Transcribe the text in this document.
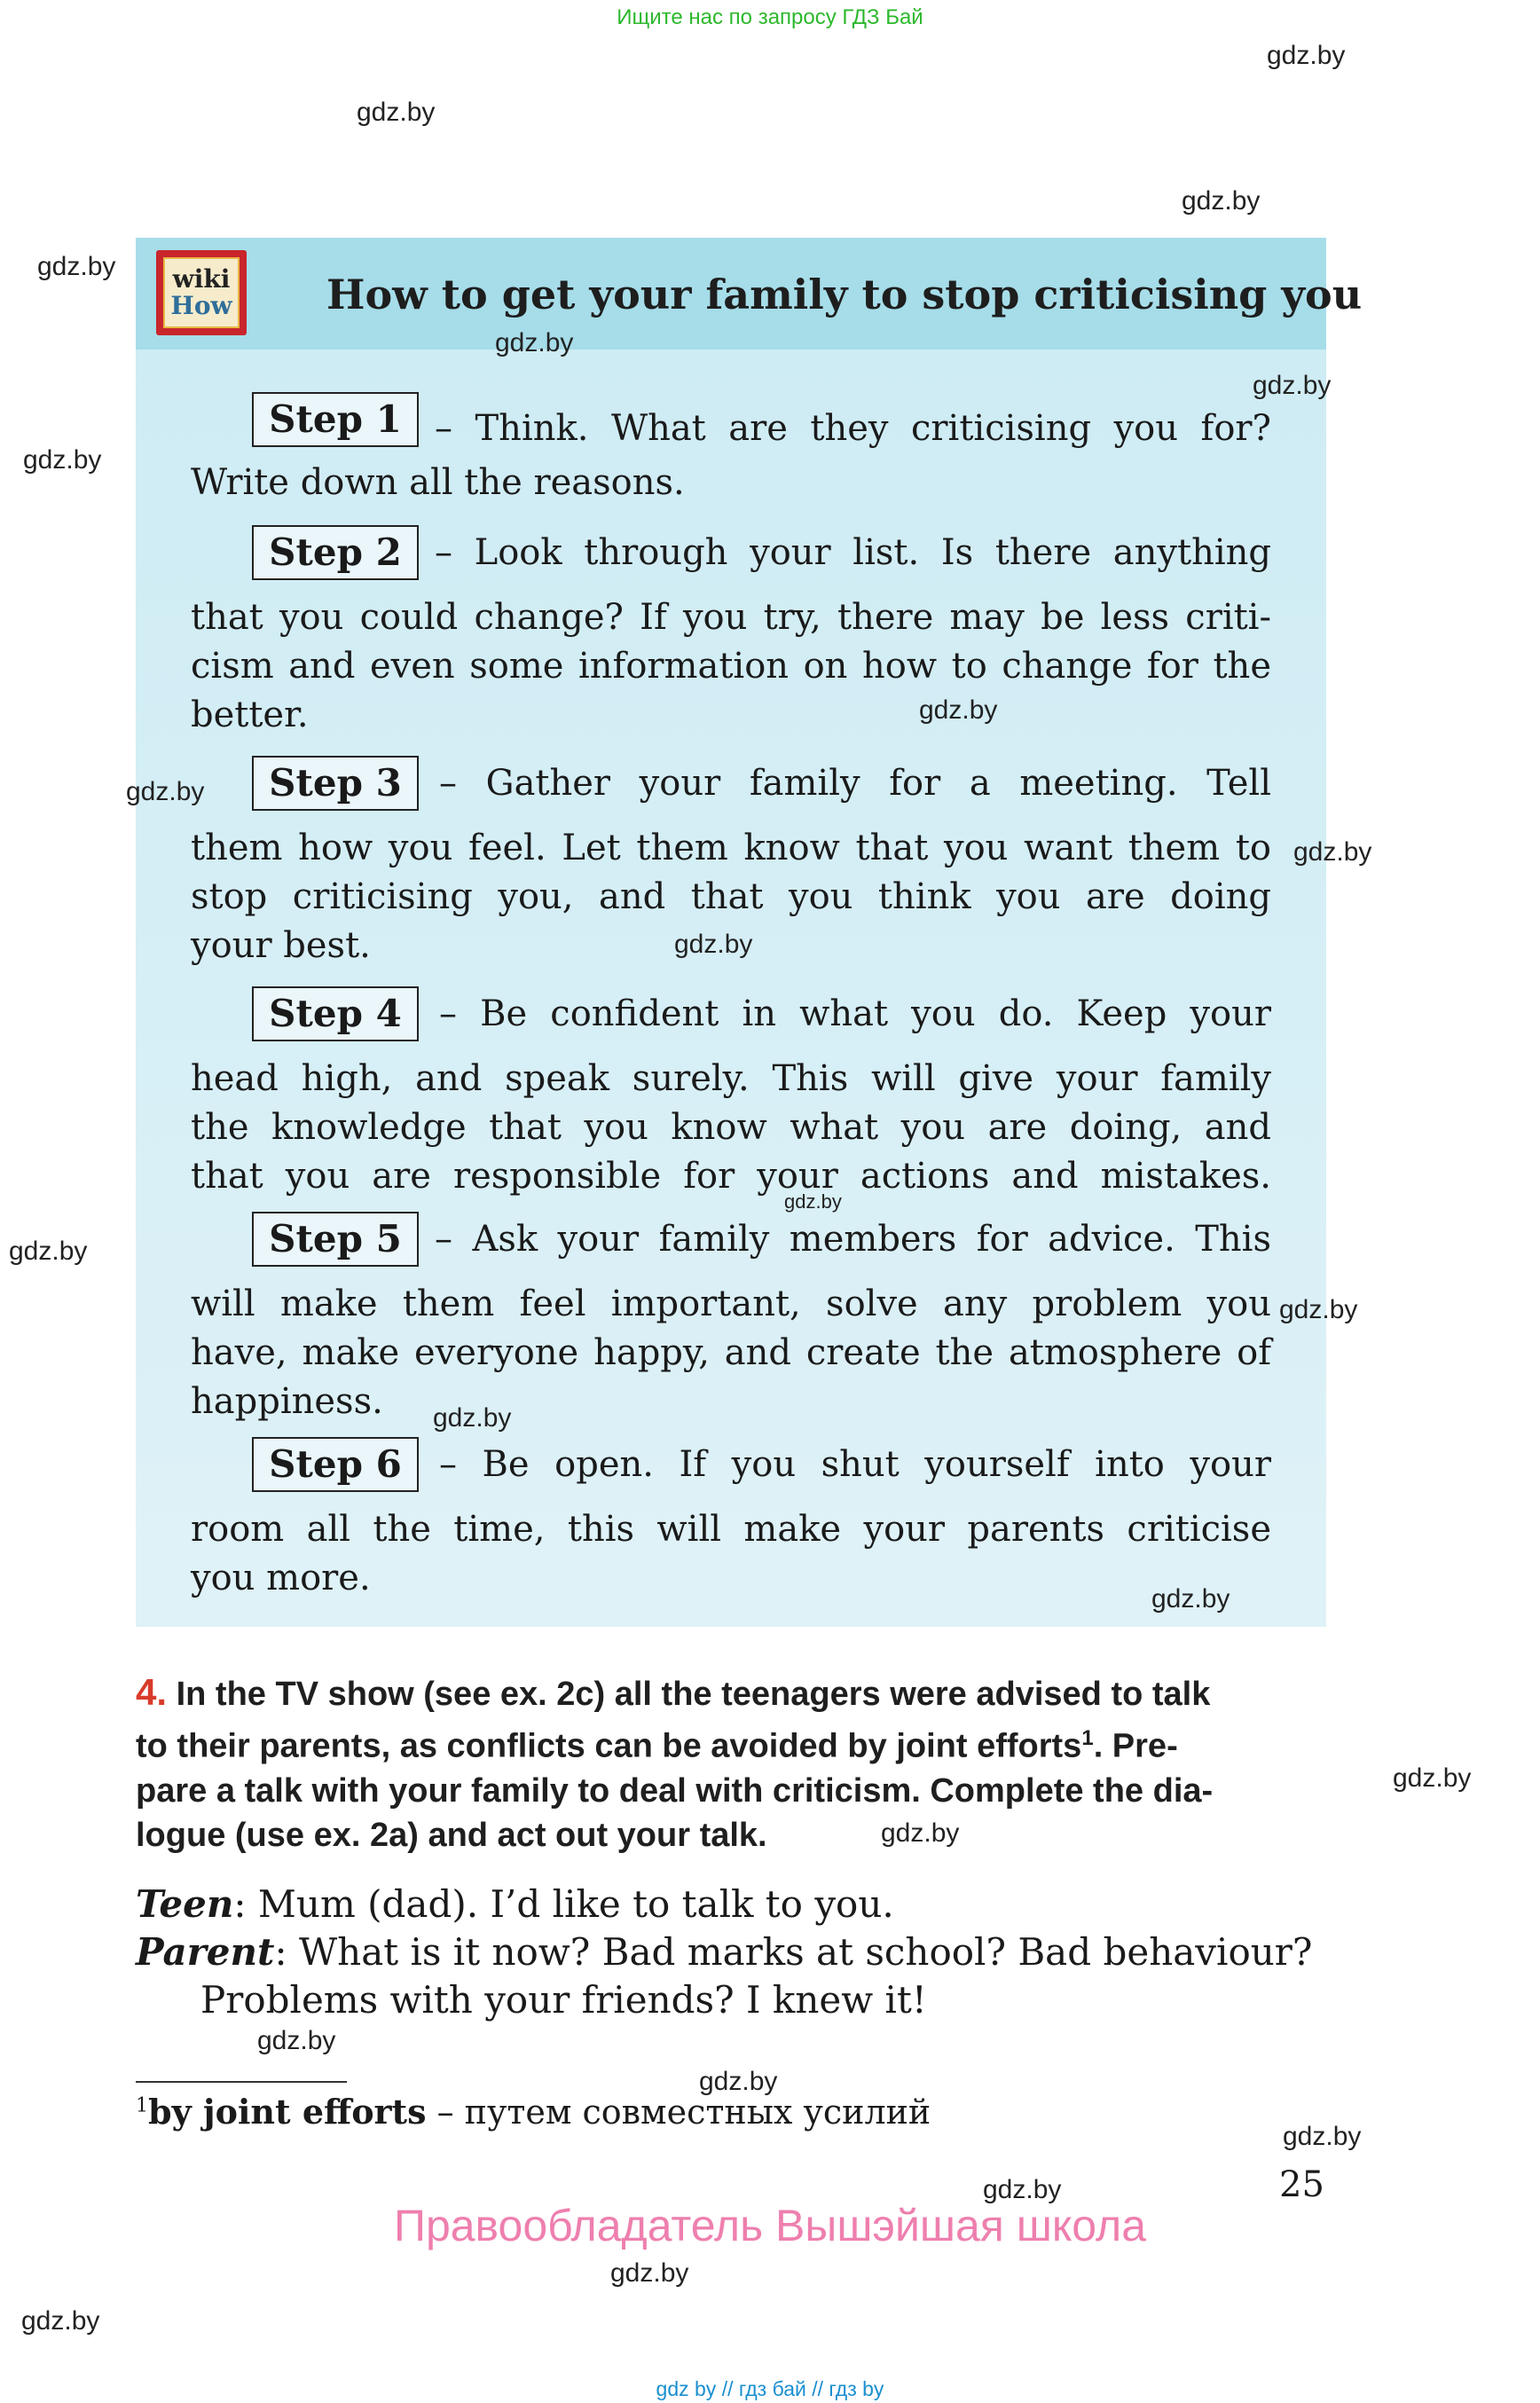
Ищите нас по запросу ГДЗ Бай
wiki
How How to get your family to stop criticising you
Step 1 – Think. What are they criticising you for?
Write down all the reasons.
Step 2 – Look through your list. Is there anything
that you could change? If you try, there may be less criti-
cism and even some information on how to change for the
better.
Step 3	– Gather your family for a meeting. Tell
them how you feel. Let them know that you want them to
stop criticising you, and that you think you are doing
your best.
Step 4	– Be confident in what you do. Keep your
head high, and speak surely. This will give your family
the knowledge that you know what you are doing, and
that you are responsible for your actions and mistakes.
Step 5 – Ask your family members for advice. This
will make them feel important, solve any problem you
have, make everyone happy, and create the atmosphere of
happiness.
Step 6	– Be open. If you shut yourself into your
room all the time, this will make your parents criticise
you more.
4. In the TV show (see ex. 2c) all the teenagers were advised to talk
to their parents, as conflicts can be avoided by joint efforts$^1$. Pre-
pare a talk with your family to deal with criticism. Complete the dia-
logue (use ex. 2a) and act out your talk.
Teen: Mum (dad). I’d like to talk to you.
Parent: What is it now? Bad marks at school? Bad behaviour?
Problems with your friends? I knew it!
$^1$by joint efforts – путем совместных усилий
25
Правообладатель Вышэйшая школа
gdz.by
gdz.by
gdz.by
gdz.by
gdz.by
gdz.by
gdz.by
gdz.by
gdz.by
gdz.by
gdz.by
gdz.by
gdz.by
gdz.by
gdz.by
gdz.by
gdz.by
gdz.by
gdz.by
gdz.by
gdz.by
gdz.by
gdz.by
gdz.by
gdz by // гдз бай // гдз by
